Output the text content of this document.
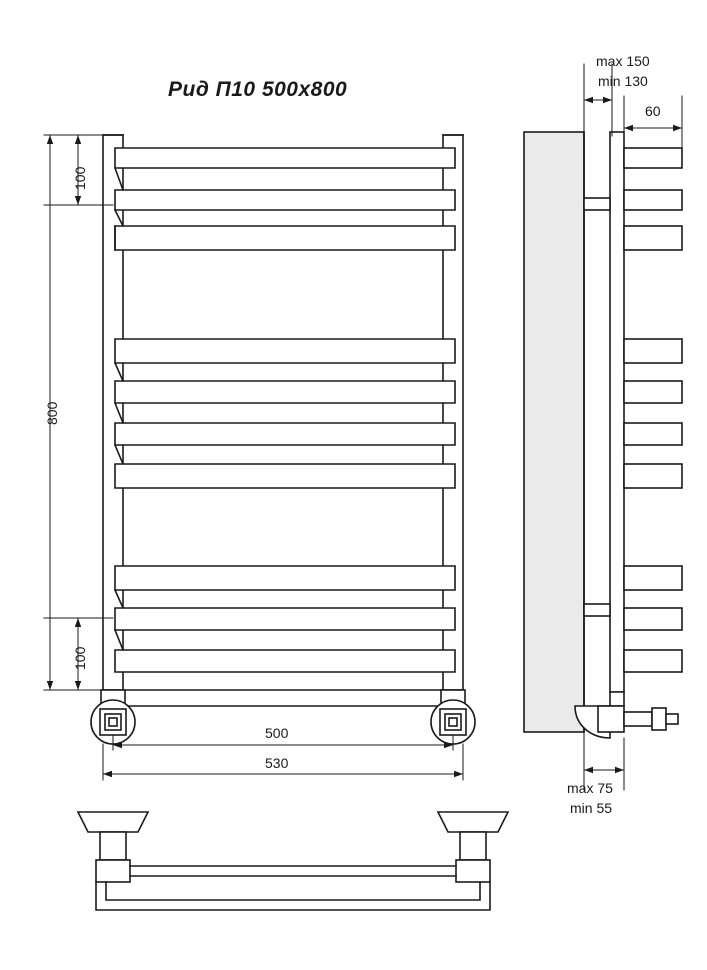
Рид П10 500x800
100
800
100
500
530
max 150
min 130
60
max 75
min 55
